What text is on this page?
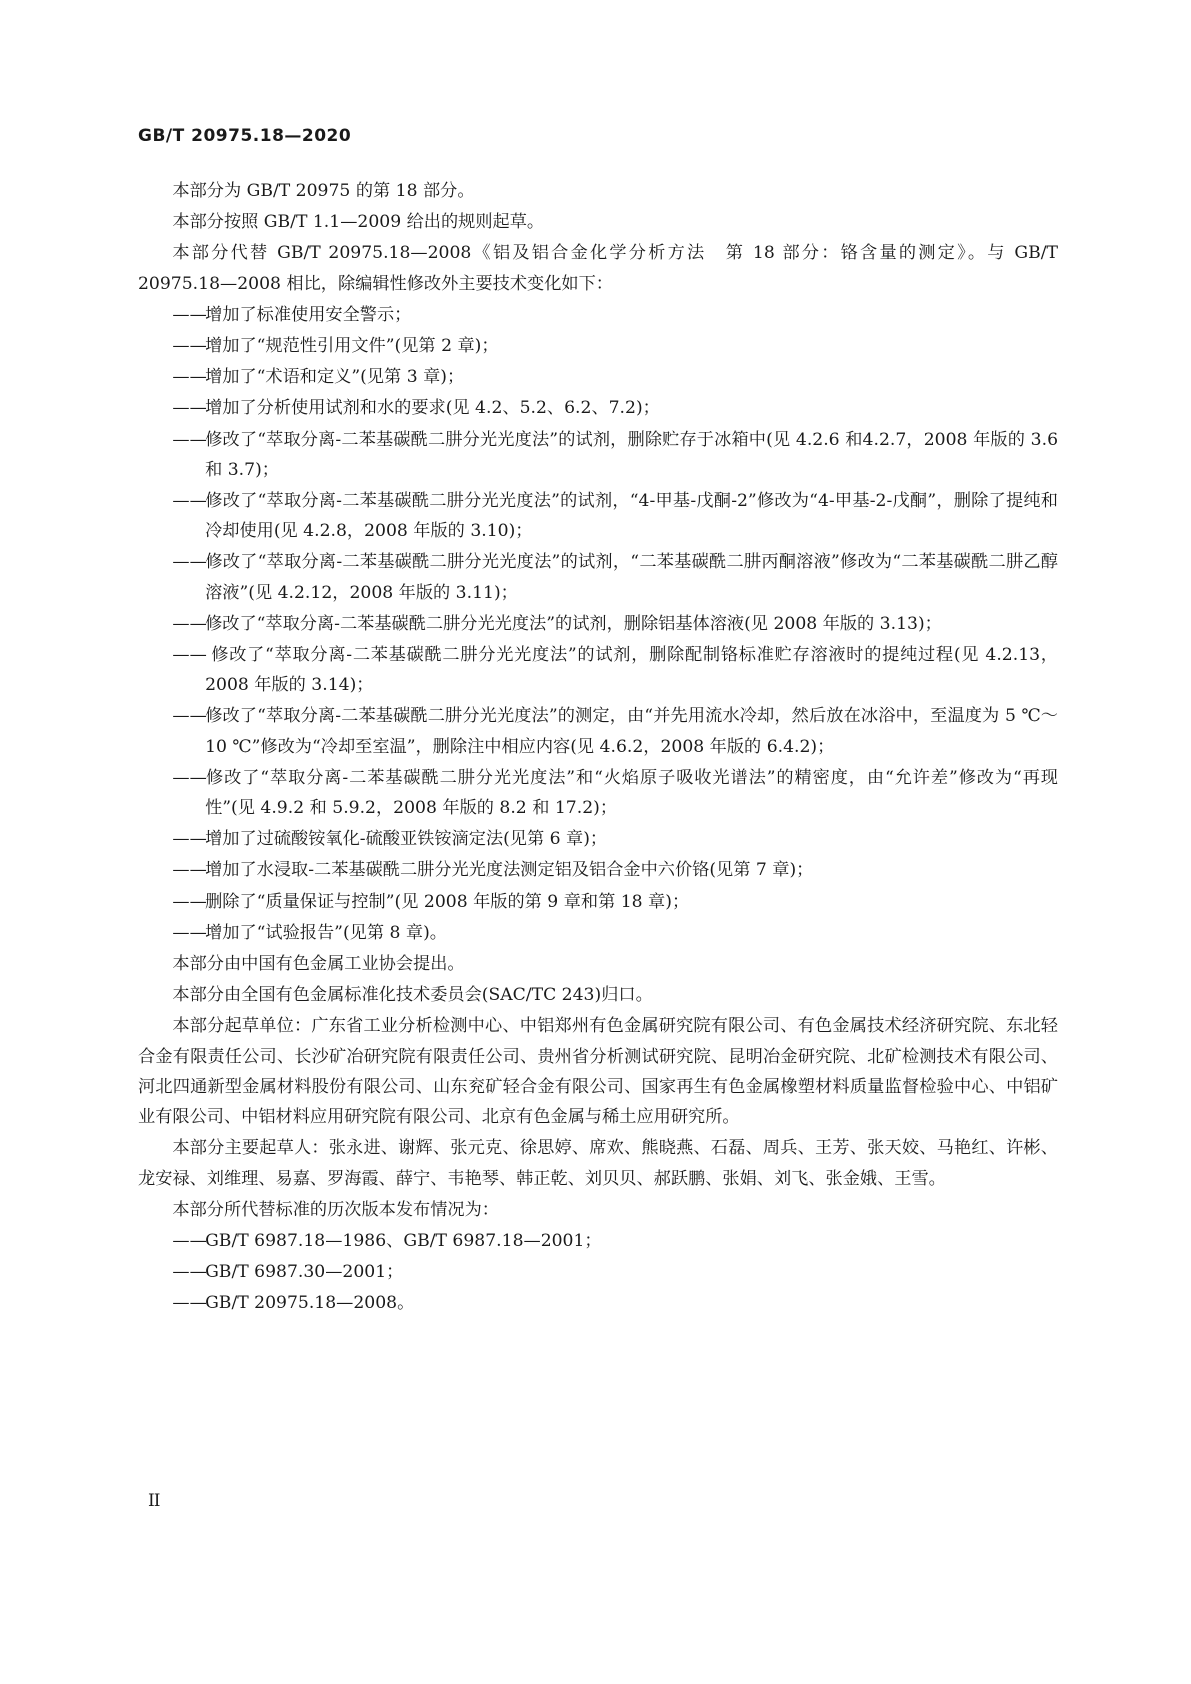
GB/T 20975.18—2020

本部分为 GB/T 20975 的第 18 部分。

本部分按照 GB/T 1.1—2009 给出的规则起草。

本部分代替 GB/T 20975.18—2008《铝及铝合金化学分析方法　第 18 部分：铬含量的测定》。与 GB/T 20975.18—2008 相比，除编辑性修改外主要技术变化如下：

——增加了标准使用安全警示；

——增加了“规范性引用文件”(见第 2 章)；

——增加了“术语和定义”(见第 3 章)；

——增加了分析使用试剂和水的要求(见 4.2、5.2、6.2、7.2)；

——修改了“萃取分离-二苯基碳酰二肼分光光度法”的试剂，删除贮存于冰箱中(见 4.2.6 和4.2.7，2008 年版的 3.6 和 3.7)；

——修改了“萃取分离-二苯基碳酰二肼分光光度法”的试剂，“4-甲基-戊酮-2”修改为“4-甲基-2-戊酮”，删除了提纯和冷却使用(见 4.2.8，2008 年版的 3.10)；

——修改了“萃取分离-二苯基碳酰二肼分光光度法”的试剂，“二苯基碳酰二肼丙酮溶液”修改为“二苯基碳酰二肼乙醇溶液”(见 4.2.12，2008 年版的 3.11)；

——修改了“萃取分离-二苯基碳酰二肼分光光度法”的试剂，删除铝基体溶液(见 2008 年版的 3.13)；

—— 修改了“萃取分离-二苯基碳酰二肼分光光度法”的试剂，删除配制铬标准贮存溶液时的提纯过程(见 4.2.13，2008 年版的 3.14)；

——修改了“萃取分离-二苯基碳酰二肼分光光度法”的测定，由“并先用流水冷却，然后放在冰浴中，至温度为 5 ℃～10 ℃”修改为“冷却至室温”，删除注中相应内容(见 4.6.2，2008 年版的 6.4.2)；

——修改了“萃取分离-二苯基碳酰二肼分光光度法”和“火焰原子吸收光谱法”的精密度，由“允许差”修改为“再现性”(见 4.9.2 和 5.9.2，2008 年版的 8.2 和 17.2)；

——增加了过硫酸铵氧化-硫酸亚铁铵滴定法(见第 6 章)；

——增加了水浸取-二苯基碳酰二肼分光光度法测定铝及铝合金中六价铬(见第 7 章)；

——删除了“质量保证与控制”(见 2008 年版的第 9 章和第 18 章)；

——增加了“试验报告”(见第 8 章)。

本部分由中国有色金属工业协会提出。

本部分由全国有色金属标准化技术委员会(SAC/TC 243)归口。

本部分起草单位：广东省工业分析检测中心、中铝郑州有色金属研究院有限公司、有色金属技术经济研究院、东北轻合金有限责任公司、长沙矿冶研究院有限责任公司、贵州省分析测试研究院、昆明冶金研究院、北矿检测技术有限公司、河北四通新型金属材料股份有限公司、山东兖矿轻合金有限公司、国家再生有色金属橡塑材料质量监督检验中心、中铝矿业有限公司、中铝材料应用研究院有限公司、北京有色金属与稀土应用研究所。

本部分主要起草人：张永进、谢辉、张元克、徐思婷、席欢、熊晓燕、石磊、周兵、王芳、张天姣、马艳红、许彬、龙安禄、刘维理、易嘉、罗海霞、薛宁、韦艳琴、韩正乾、刘贝贝、郝跃鹏、张娟、刘飞、张金娥、王雪。

本部分所代替标准的历次版本发布情况为：

——GB/T 6987.18—1986、GB/T 6987.18—2001；

——GB/T 6987.30—2001；

——GB/T 20975.18—2008。

II
